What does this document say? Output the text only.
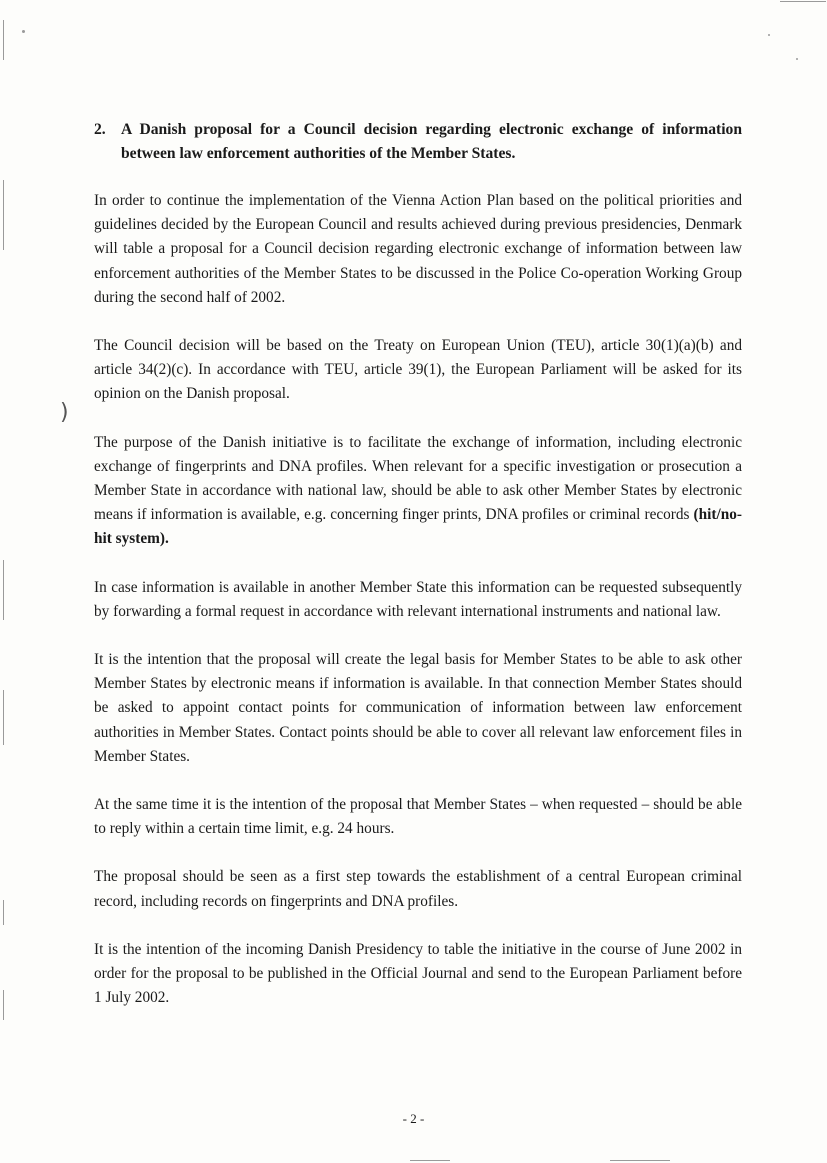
)
2. A Danish proposal for a Council decision regarding electronic exchange of information between law enforcement authorities of the Member States.

In order to continue the implementation of the Vienna Action Plan based on the political priorities and guidelines decided by the European Council and results achieved during previous presidencies, Denmark will table a proposal for a Council decision regarding electronic exchange of information between law enforcement authorities of the Member States to be discussed in the Police Co-operation Working Group during the second half of 2002.

The Council decision will be based on the Treaty on European Union (TEU), article 30(1)(a)(b) and article 34(2)(c). In accordance with TEU, article 39(1), the European Parliament will be asked for its opinion on the Danish proposal.

The purpose of the Danish initiative is to facilitate the exchange of information, including electronic exchange of fingerprints and DNA profiles. When relevant for a specific investigation or prosecution a Member State in accordance with national law, should be able to ask other Member States by electronic means if information is available, e.g. concerning finger prints, DNA profiles or criminal records (hit/no-hit system).

In case information is available in another Member State this information can be requested subsequently by forwarding a formal request in accordance with relevant international instruments and national law.

It is the intention that the proposal will create the legal basis for Member States to be able to ask other Member States by electronic means if information is available. In that connection Member States should be asked to appoint contact points for communication of information between law enforcement authorities in Member States. Contact points should be able to cover all relevant law enforcement files in Member States.

At the same time it is the intention of the proposal that Member States – when requested – should be able to reply within a certain time limit, e.g. 24 hours.

The proposal should be seen as a first step towards the establishment of a central European criminal record, including records on fingerprints and DNA profiles.

It is the intention of the incoming Danish Presidency to table the initiative in the course of June 2002 in order for the proposal to be published in the Official Journal and send to the European Parliament before 1 July 2002.

- 2 -
